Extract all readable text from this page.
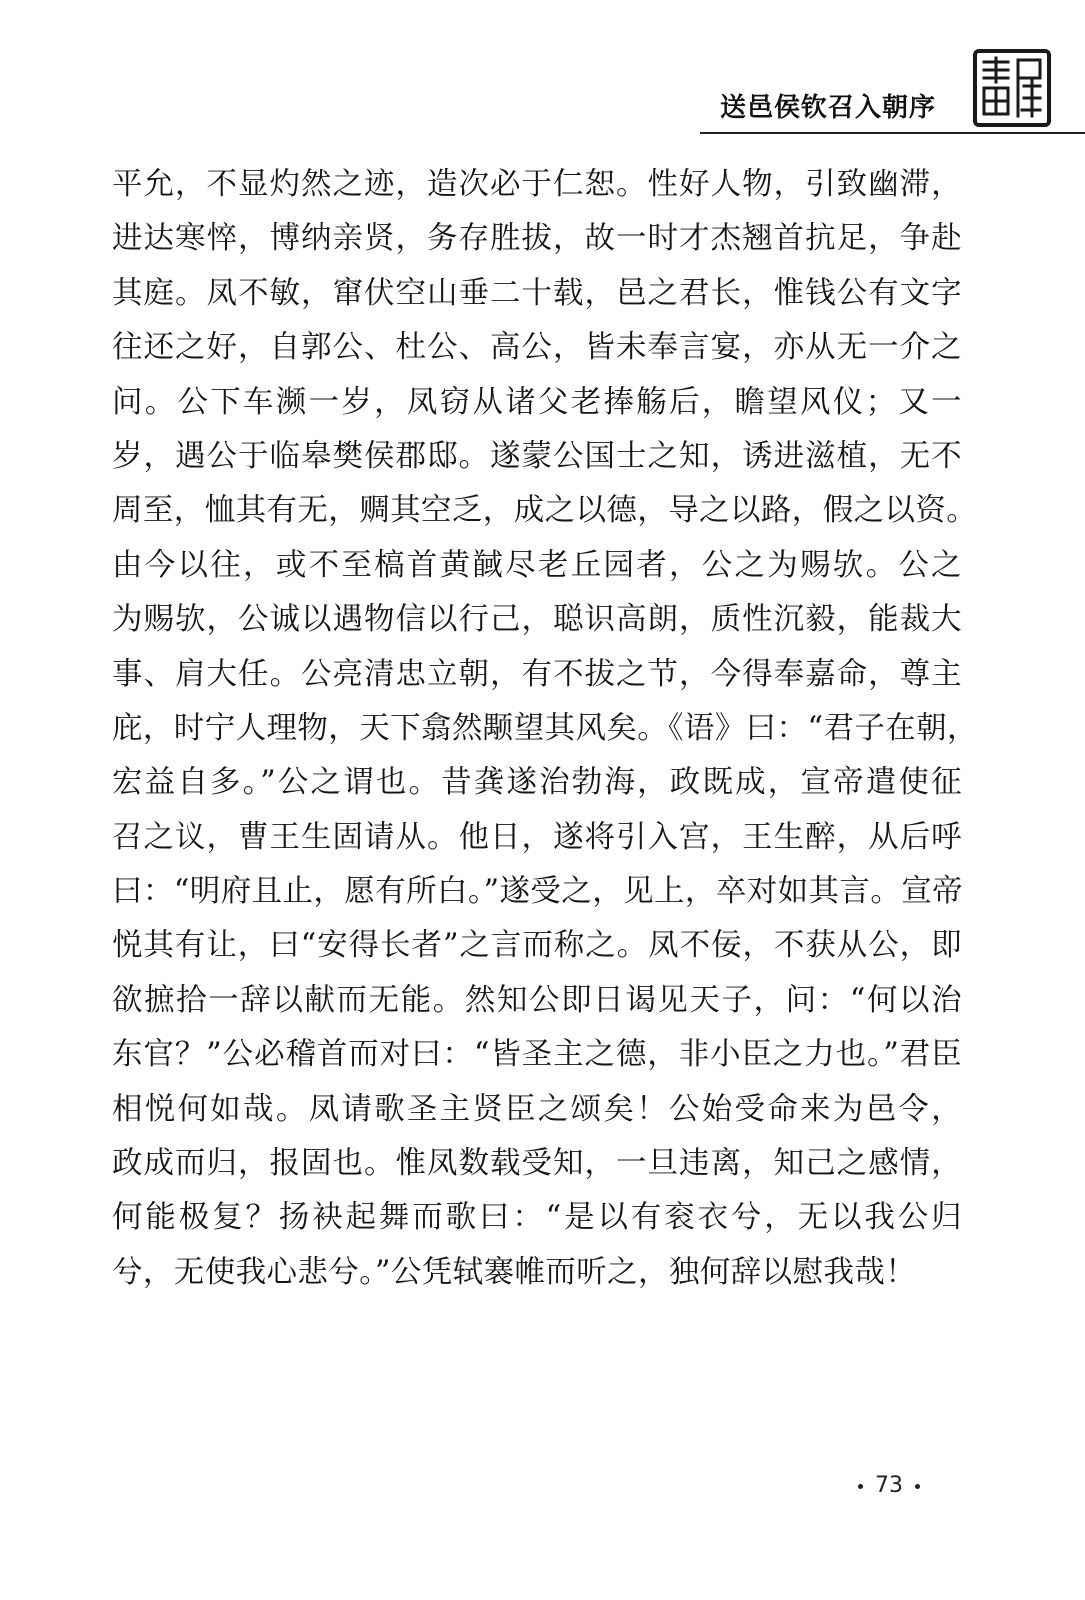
送邑侯钦召入朝序
平允，不显灼然之迹，造次必于仁恕。性好人物，引致幽滞，
进达寒悴，博纳亲贤，务存胜拔，故一时才杰翘首抗足，争赴
其庭。凤不敏，窜伏空山垂二十载，邑之君长，惟钱公有文字
往还之好，自郭公、杜公、高公，皆未奉言宴，亦从无一介之
问。公下车濒一岁，凤窃从诸父老捧觞后，瞻望风仪；又一
岁，遇公于临皋樊侯郡邸。遂蒙公国士之知，诱进滋植，无不
周至，恤其有无，赒其空乏，成之以德，导之以路，假之以资。
由今以往，或不至槁首黄馘尽老丘园者，公之为赐欤。公之
为赐欤，公诚以遇物信以行己，聪识高朗，质性沉毅，能裁大
事、肩大任。公亮清忠立朝，有不拔之节，今得奉嘉命，尊主
庇，时宁人理物，天下翕然颙望其风矣。《语》曰：“君子在朝，
宏益自多。”公之谓也。昔龚遂治勃海，政既成，宣帝遣使征
召之议，曹王生固请从。他日，遂将引入宫，王生醉，从后呼
曰：“明府且止，愿有所白。”遂受之，见上，卒对如其言。宣帝
悦其有让，曰“安得长者”之言而称之。凤不佞，不获从公，即
欲摭拾一辞以献而无能。然知公即日谒见天子，问：“何以治
东官？”公必稽首而对曰：“皆圣主之德，非小臣之力也。”君臣
相悦何如哉。凤请歌圣主贤臣之颂矣！公始受命来为邑令，
政成而归，报固也。惟凤数载受知，一旦违离，知己之感情，
何能极复？扬袂起舞而歌曰：“是以有衮衣兮，无以我公归
兮，无使我心悲兮。”公凭轼褰帷而听之，独何辞以慰我哉！
73
